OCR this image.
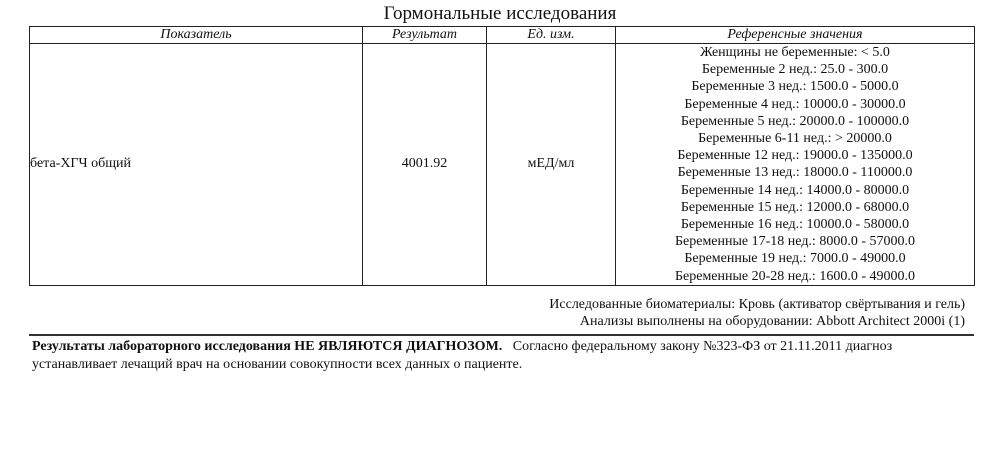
Гормональные исследования
Показатель	Результат	Ед. изм.	Референсные значения
бета-ХГЧ общий	4001.92	мЕД/мл	
Женщины не беременные: < 5.0
Беременные 2 нед.: 25.0 - 300.0
Беременные 3 нед.: 1500.0 - 5000.0
Беременные 4 нед.: 10000.0 - 30000.0
Беременные 5 нед.: 20000.0 - 100000.0
Беременные 6-11 нед.: > 20000.0
Беременные 12 нед.: 19000.0 - 135000.0
Беременные 13 нед.: 18000.0 - 110000.0
Беременные 14 нед.: 14000.0 - 80000.0
Беременные 15 нед.: 12000.0 - 68000.0
Беременные 16 нед.: 10000.0 - 58000.0
Беременные 17-18 нед.: 8000.0 - 57000.0
Беременные 19 нед.: 7000.0 - 49000.0
Беременные 20-28 нед.: 1600.0 - 49000.0
Исследованные биоматериалы: Кровь (активатор свёртывания и гель)
Анализы выполнены на оборудовании: Abbott Architect 2000i (1)
Результаты лабораторного исследования НЕ ЯВЛЯЮТСЯ ДИАГНОЗОМ. Согласно федеральному закону №323-ФЗ от 21.11.2011 диагноз устанавливает лечащий врач на основании совокупности всех данных о пациенте.
